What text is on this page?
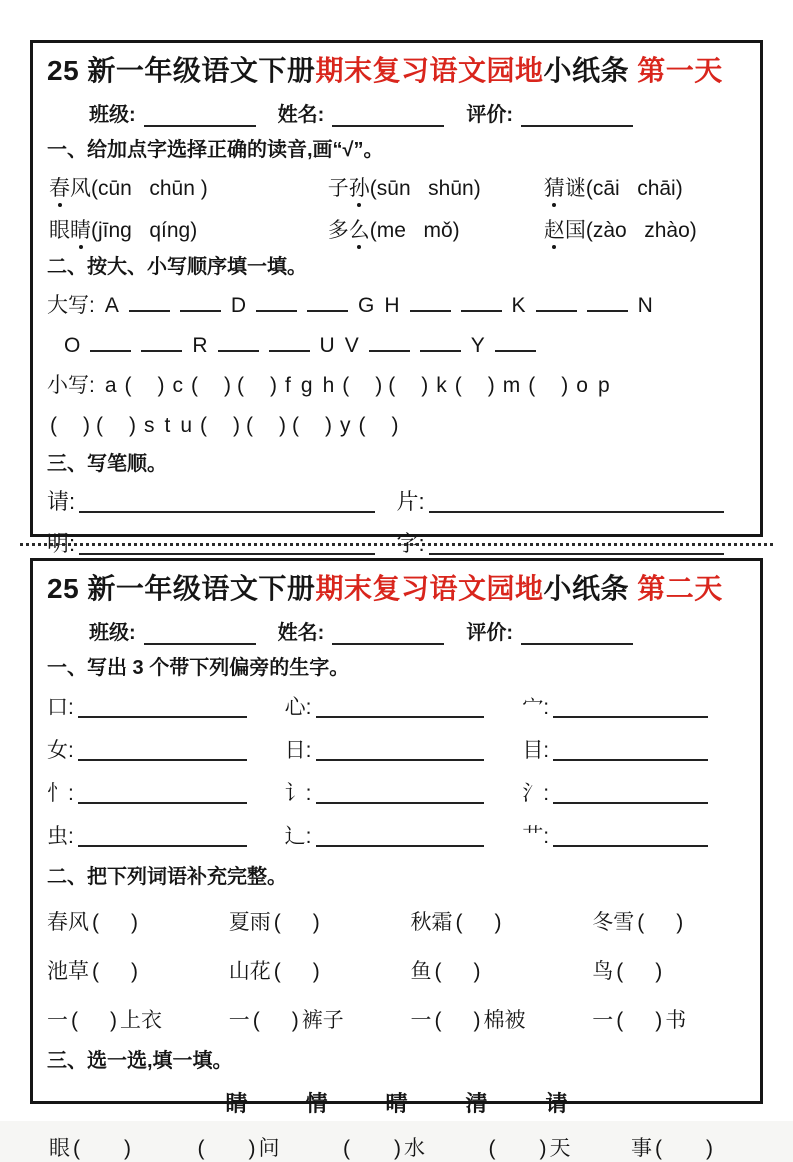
25 新一年级语文下册期末复习语文园地小纸条 第一天
班级:	姓名:	评价:
一、给加点字选择正确的读音,画“√”。
春风(cūn   chūn )	子孙(sūn   shūn)	猜谜(cāi   chāi)
眼睛(jīng   qíng)	多么(me   mǒ)	赵国(zào   zhào)
二、按大、小写顺序填一填。
大写: A	D	G H	K	N
O	R	U V	Y
小写: a ( ) c ( ) ( ) f g h ( ) ( ) k ( ) m ( ) o p
( ) ( ) s t u ( ) ( ) ( ) y ( )
三、写笔顺。
请:	片:
明:	字:
25 新一年级语文下册期末复习语文园地小纸条 第二天
班级:	姓名:	评价:
一、写出 3 个带下列偏旁的生字。
口:	心:	宀:
女:	日:	目:
忄:	讠:	氵:
虫:	辶:	艹:
二、把下列词语补充完整。
春风 ( )	夏雨 ( )	秋霜 ( )	冬雪 ( )
池草 ( )	山花 ( )	鱼 ( )	鸟 ( )
一 ( ) 上衣	一 ( ) 裤子	一 ( ) 棉被	一 ( ) 书
三、选一选,填一填。
睛	情	晴	清	请
眼 ( )	( ) 问	( ) 水	( ) 天	事 ( )
